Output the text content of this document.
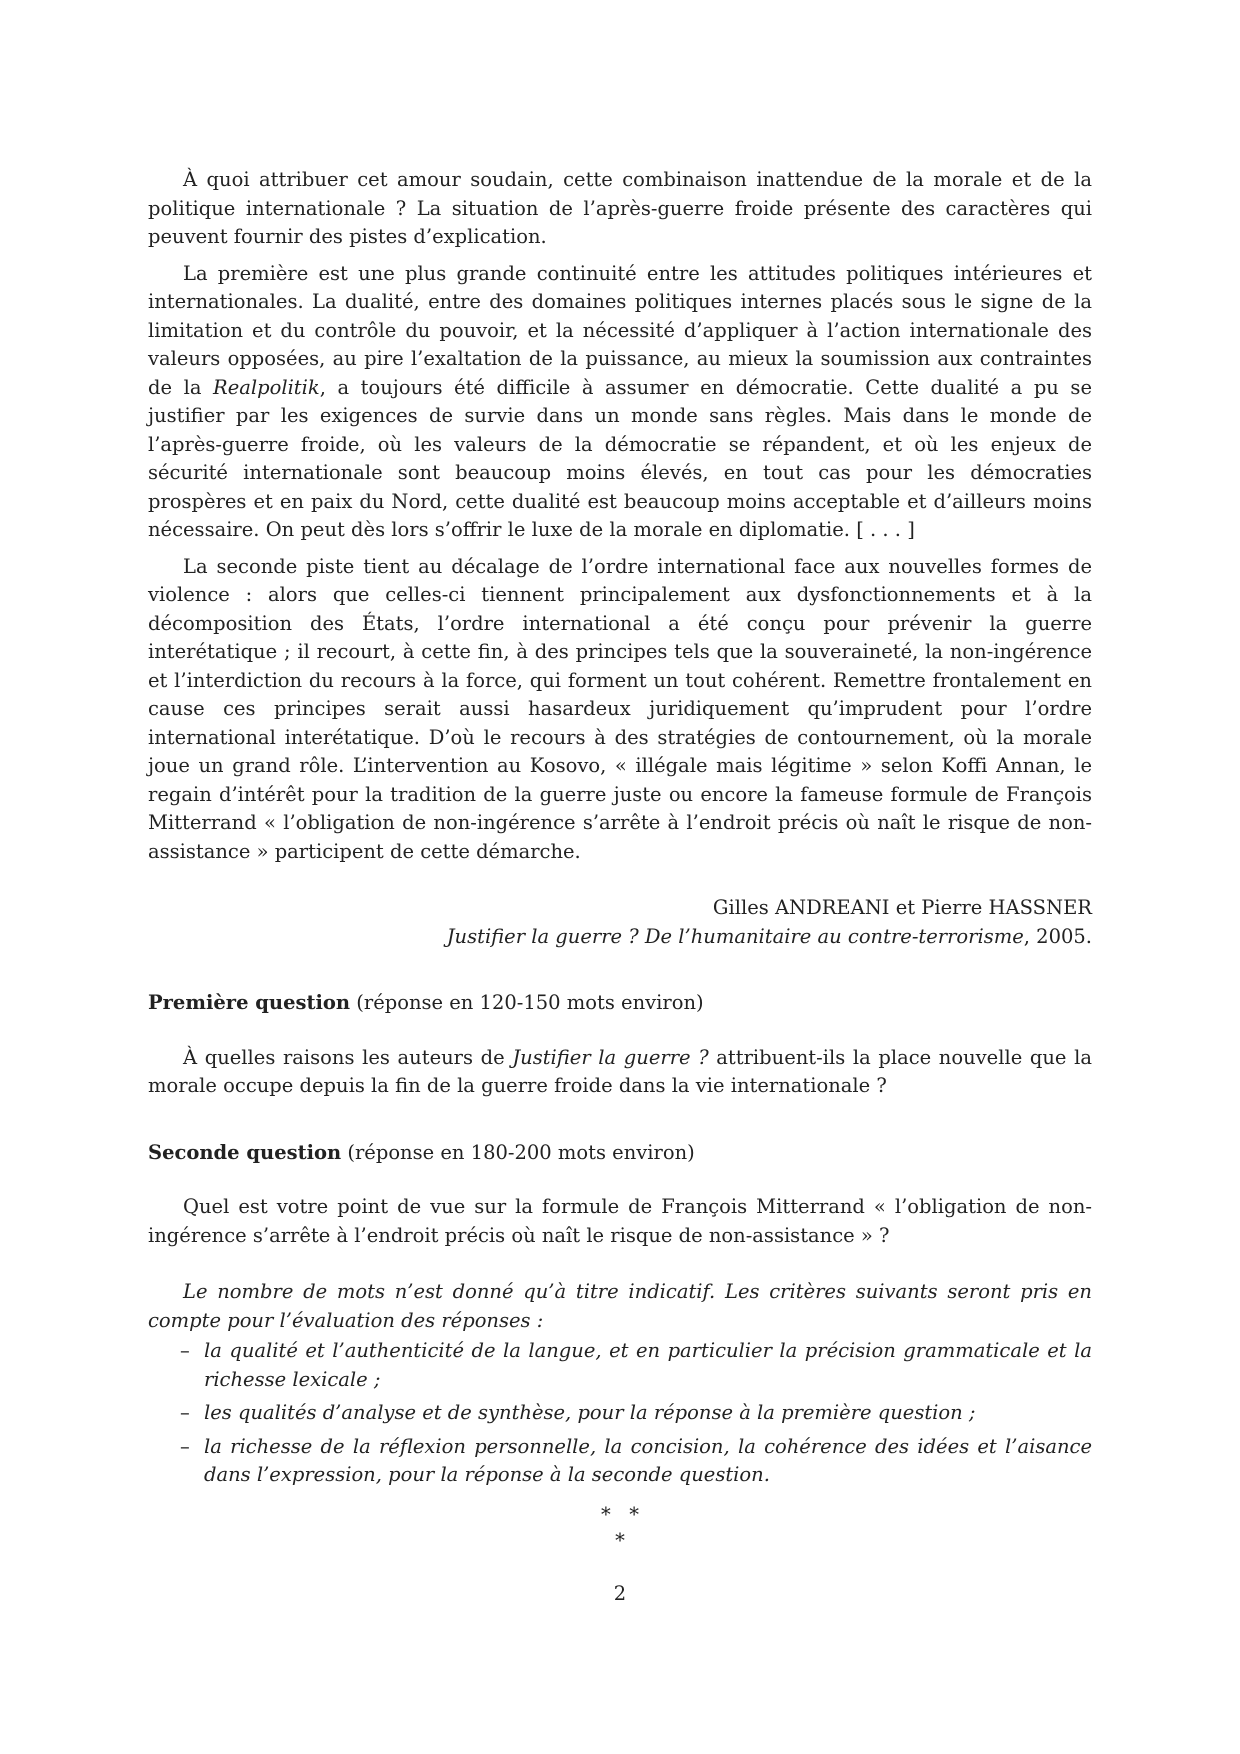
À quoi attribuer cet amour soudain, cette combinaison inattendue de la morale et de la politique internationale ? La situation de l’après-guerre froide présente des caractères qui peuvent fournir des pistes d’explication.

La première est une plus grande continuité entre les attitudes politiques intérieures et internationales. La dualité, entre des domaines politiques internes placés sous le signe de la limitation et du contrôle du pouvoir, et la nécessité d’appliquer à l’action internationale des valeurs opposées, au pire l’exaltation de la puissance, au mieux la soumission aux contraintes de la Realpolitik, a toujours été difficile à assumer en démocratie. Cette dualité a pu se justifier par les exigences de survie dans un monde sans règles. Mais dans le monde de l’après-guerre froide, où les valeurs de la démocratie se répandent, et où les enjeux de sécurité internationale sont beaucoup moins élevés, en tout cas pour les démocraties prospères et en paix du Nord, cette dualité est beaucoup moins acceptable et d’ailleurs moins nécessaire. On peut dès lors s’offrir le luxe de la morale en diplomatie. [ . . . ]

La seconde piste tient au décalage de l’ordre international face aux nouvelles formes de violence : alors que celles-ci tiennent principalement aux dysfonctionnements et à la décomposition des États, l’ordre international a été conçu pour prévenir la guerre interétatique ; il recourt, à cette fin, à des principes tels que la souveraineté, la non-ingérence et l’interdiction du recours à la force, qui forment un tout cohérent. Remettre frontalement en cause ces principes serait aussi hasardeux juridiquement qu’imprudent pour l’ordre international interétatique. D’où le recours à des stratégies de contournement, où la morale joue un grand rôle. L’intervention au Kosovo, « illégale mais légitime » selon Koffi Annan, le regain d’intérêt pour la tradition de la guerre juste ou encore la fameuse formule de François Mitterrand « l’obligation de non-ingérence s’arrête à l’endroit précis où naît le risque de non-assistance » participent de cette démarche.

Gilles ANDREANI et Pierre HASSNER
Justifier la guerre ? De l’humanitaire au contre-terrorisme, 2005.
Première question (réponse en 120-150 mots environ)

À quelles raisons les auteurs de Justifier la guerre ? attribuent-ils la place nouvelle que la morale occupe depuis la fin de la guerre froide dans la vie internationale ?

Seconde question (réponse en 180-200 mots environ)

Quel est votre point de vue sur la formule de François Mitterrand « l’obligation de non-ingérence s’arrête à l’endroit précis où naît le risque de non-assistance » ?

Le nombre de mots n’est donné qu’à titre indicatif. Les critères suivants seront pris en compte pour l’évaluation des réponses :

– la qualité et l’authenticité de la langue, et en particulier la précision grammaticale et la richesse lexicale ;
– les qualités d’analyse et de synthèse, pour la réponse à la première question ;
– la richesse de la réflexion personnelle, la concision, la cohérence des idées et l’aisance dans l’expression, pour la réponse à la seconde question.
*   *
*
2
